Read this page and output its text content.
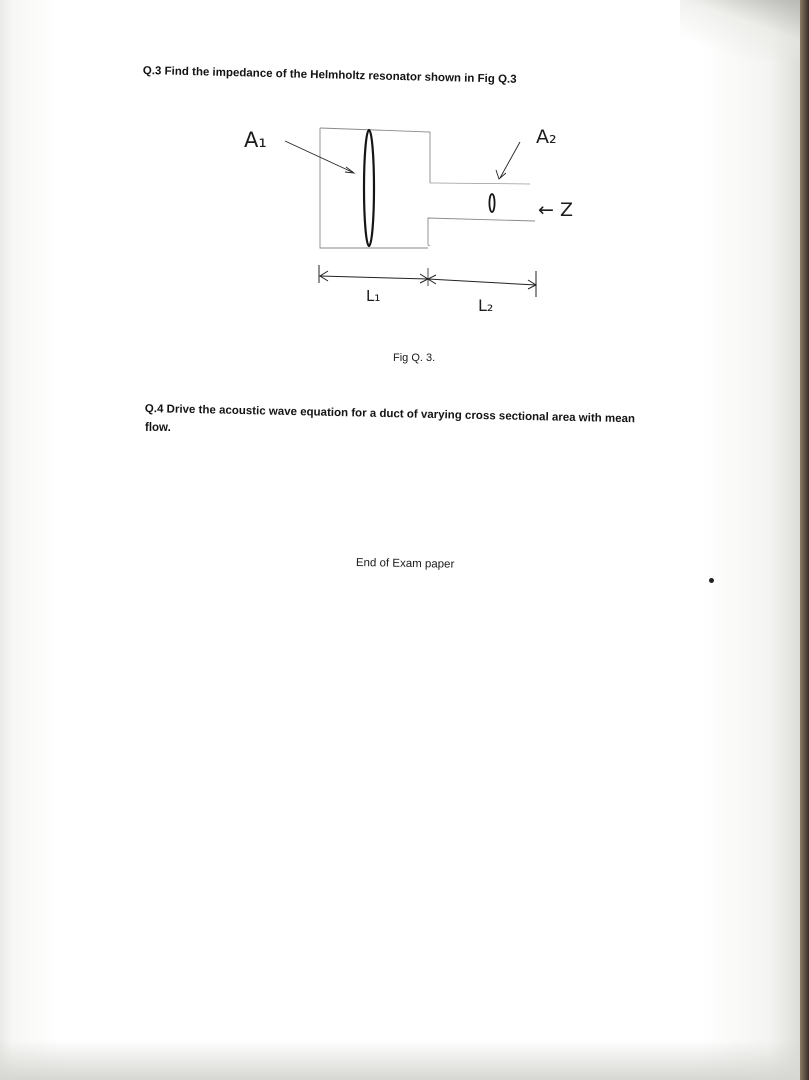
Q.3 Find the impedance of the Helmholtz resonator shown in Fig Q.3
A₁	A₂
← Z
L₁	L₂
Fig Q. 3.
Q.4 Drive the acoustic wave equation for a duct of varying cross sectional area with mean
flow.
End of Exam paper
